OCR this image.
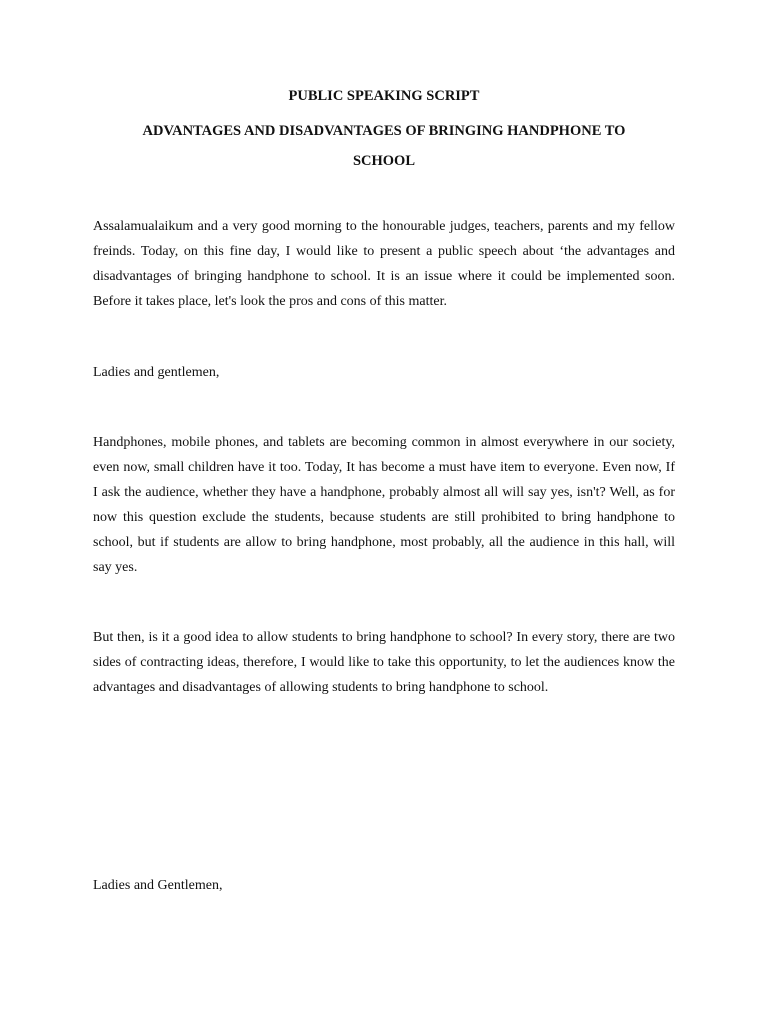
PUBLIC SPEAKING SCRIPT
ADVANTAGES AND DISADVANTAGES OF BRINGING HANDPHONE TO SCHOOL

Assalamualaikum and a very good morning to the honourable judges, teachers, parents and my fellow freinds. Today, on this fine day, I would like to present a public speech about ‘the advantages and disadvantages of bringing handphone to school. It is an issue where it could be implemented soon. Before it takes place, let's look the pros and cons of this matter.

Ladies and gentlemen,

Handphones, mobile phones, and tablets are becoming common in almost everywhere in our society, even now, small children have it too. Today, It has become a must have item to everyone. Even now, If I ask the audience, whether they have a handphone, probably almost all will say yes, isn't? Well, as for now this question exclude the students, because students are still prohibited to bring handphone to school, but if students are allow to bring handphone, most probably, all the audience in this hall, will say yes.

But then, is it a good idea to allow students to bring handphone to school? In every story, there are two sides of contracting ideas, therefore, I would like to take this opportunity, to let the audiences know the advantages and disadvantages of allowing students to bring handphone to school.

Ladies and Gentlemen,
